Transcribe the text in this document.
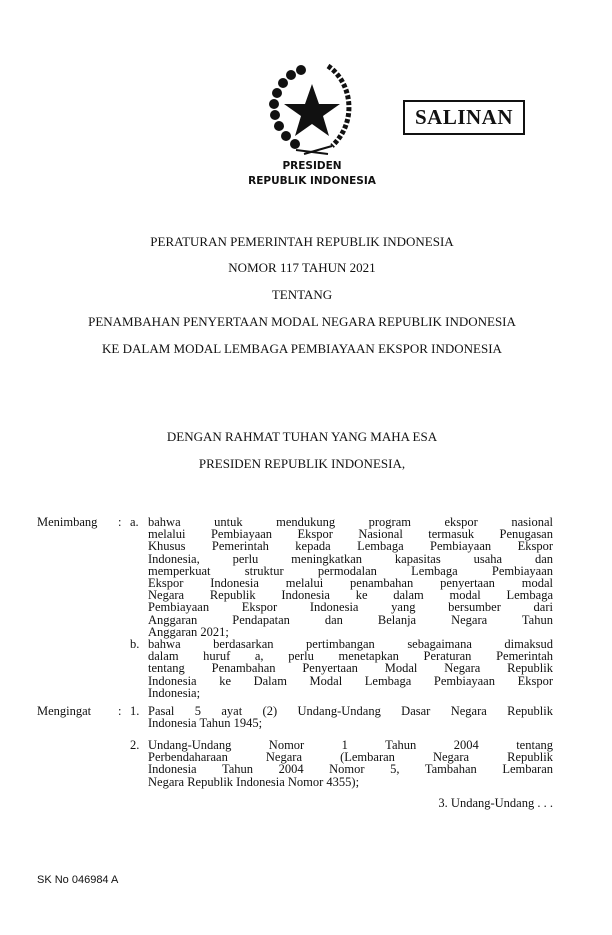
SALINAN
PRESIDEN
REPUBLIK INDONESIA
PERATURAN PEMERINTAH REPUBLIK INDONESIA
NOMOR 117 TAHUN 2021
TENTANG
PENAMBAHAN PENYERTAAN MODAL NEGARA REPUBLIK INDONESIA
KE DALAM MODAL LEMBAGA PEMBIAYAAN EKSPOR INDONESIA
DENGAN RAHMAT TUHAN YANG MAHA ESA
PRESIDEN REPUBLIK INDONESIA,
Menimbang : a. bahwa untuk mendukung program ekspor nasional
melalui Pembiayaan Ekspor Nasional termasuk Penugasan
Khusus Pemerintah kepada Lembaga Pembiayaan Ekspor
Indonesia, perlu meningkatkan kapasitas usaha dan
memperkuat struktur permodalan Lembaga Pembiayaan
Ekspor Indonesia melalui penambahan penyertaan modal
Negara Republik Indonesia ke dalam modal Lembaga
Pembiayaan Ekspor Indonesia yang bersumber dari
Anggaran Pendapatan dan Belanja Negara Tahun
Anggaran 2021;
b. bahwa berdasarkan pertimbangan sebagaimana dimaksud
dalam huruf a, perlu menetapkan Peraturan Pemerintah
tentang Penambahan Penyertaan Modal Negara Republik
Indonesia ke Dalam Modal Lembaga Pembiayaan Ekspor
Indonesia;
Mengingat : 1. Pasal 5 ayat (2) Undang-Undang Dasar Negara Republik
Indonesia Tahun 1945;
2. Undang-Undang Nomor 1 Tahun 2004 tentang
Perbendaharaan Negara (Lembaran Negara Republik
Indonesia Tahun 2004 Nomor 5, Tambahan Lembaran
Negara Republik Indonesia Nomor 4355);
3. Undang-Undang . . .
SK No 046984 A
